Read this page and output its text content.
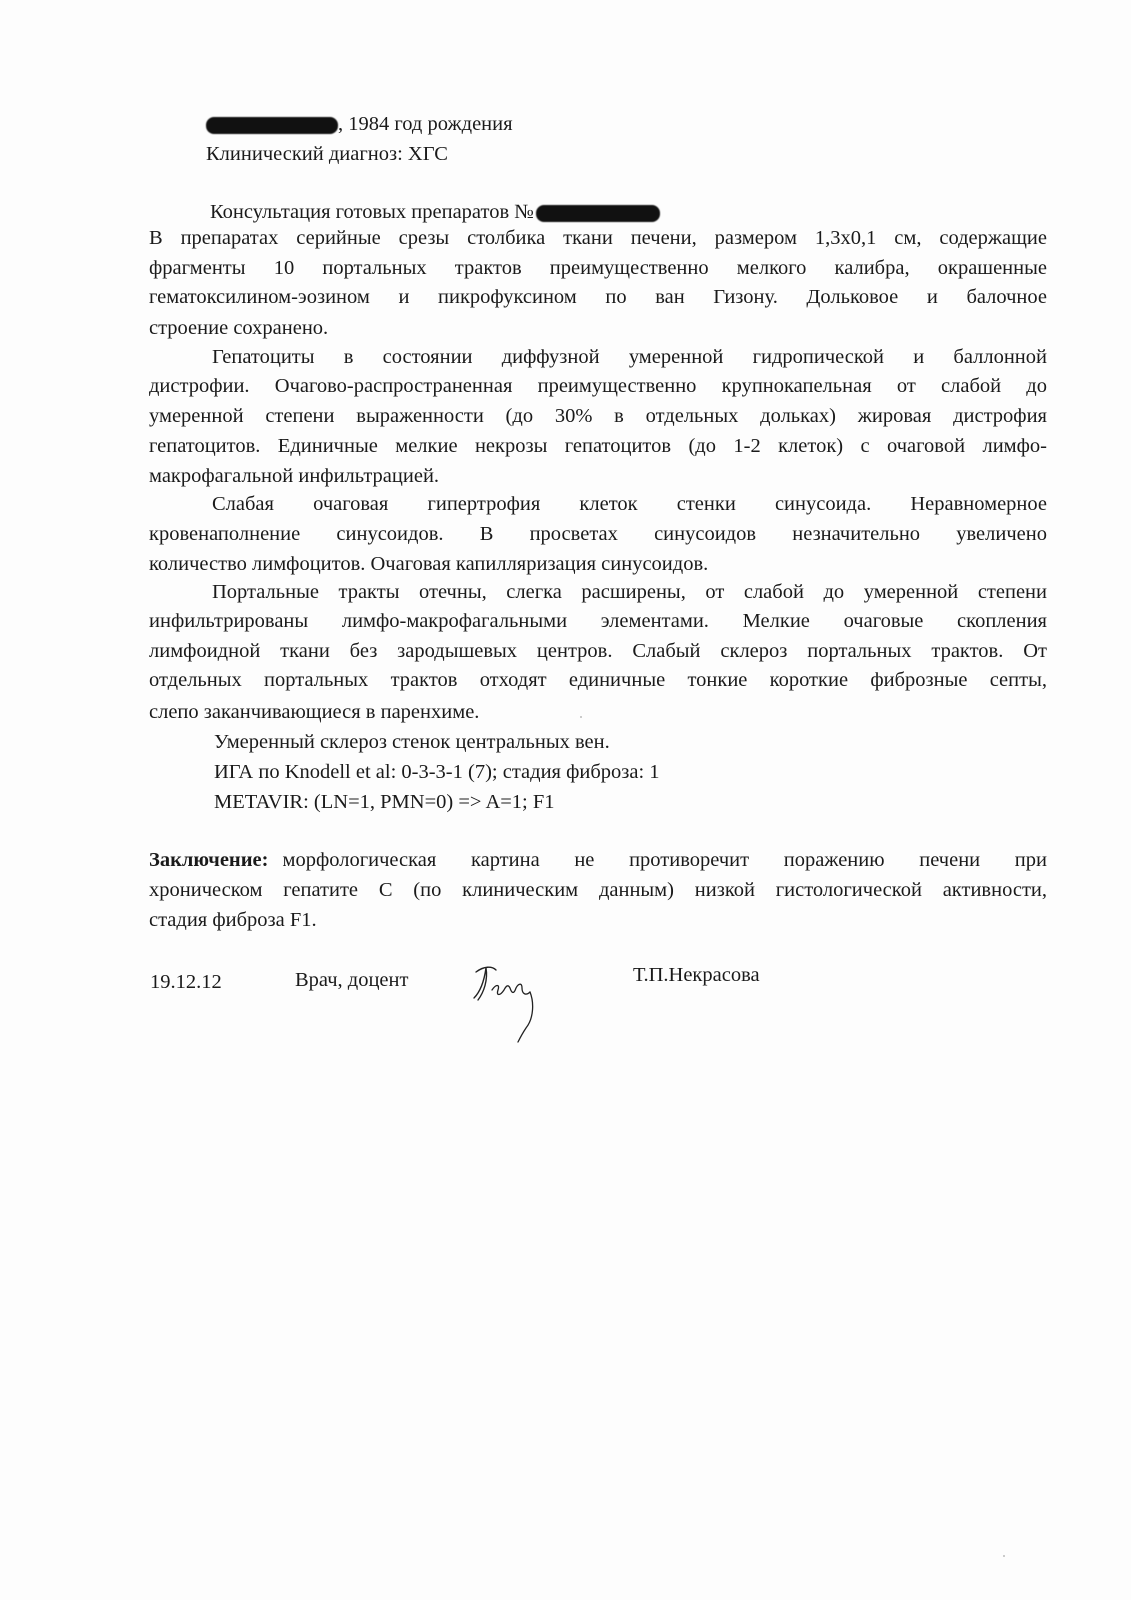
, 1984 год рождения
Клинический диагноз: ХГС
Консультация готовых препаратов №
В препаратах серийные срезы столбика ткани печени, размером 1,3х0,1 см, содержащие
фрагменты 10 портальных трактов преимущественно мелкого калибра, окрашенные
гематоксилином-эозином и пикрофуксином по ван Гизону. Дольковое и балочное
строение сохранено.
Гепатоциты в состоянии диффузной умеренной гидропической и баллонной
дистрофии. Очагово-распространенная преимущественно крупнокапельная от слабой до
умеренной степени выраженности (до 30% в отдельных дольках) жировая дистрофия
гепатоцитов. Единичные мелкие некрозы гепатоцитов (до 1-2 клеток) с очаговой лимфо-
макрофагальной инфильтрацией.
Слабая очаговая гипертрофия клеток стенки синусоида. Неравномерное
кровенаполнение синусоидов. В просветах синусоидов незначительно увеличено
количество лимфоцитов. Очаговая капилляризация синусоидов.
Портальные тракты отечны, слегка расширены, от слабой до умеренной степени
инфильтрированы лимфо-макрофагальными элементами. Мелкие очаговые скопления
лимфоидной ткани без зародышевых центров. Слабый склероз портальных трактов. От
отдельных портальных трактов отходят единичные тонкие короткие фиброзные септы,
слепо заканчивающиеся в паренхиме.
Умеренный склероз стенок центральных вен.
ИГА по Knodell et al: 0-3-3-1 (7); стадия фиброза: 1
METAVIR: (LN=1, PMN=0) => A=1; F1
Заключение: морфологическая картина не противоречит поражению печени при
хроническом гепатите С (по клиническим данным) низкой гистологической активности,
стадия фиброза F1.
19.12.12	Врач, доцент	Т.П.Некрасова
